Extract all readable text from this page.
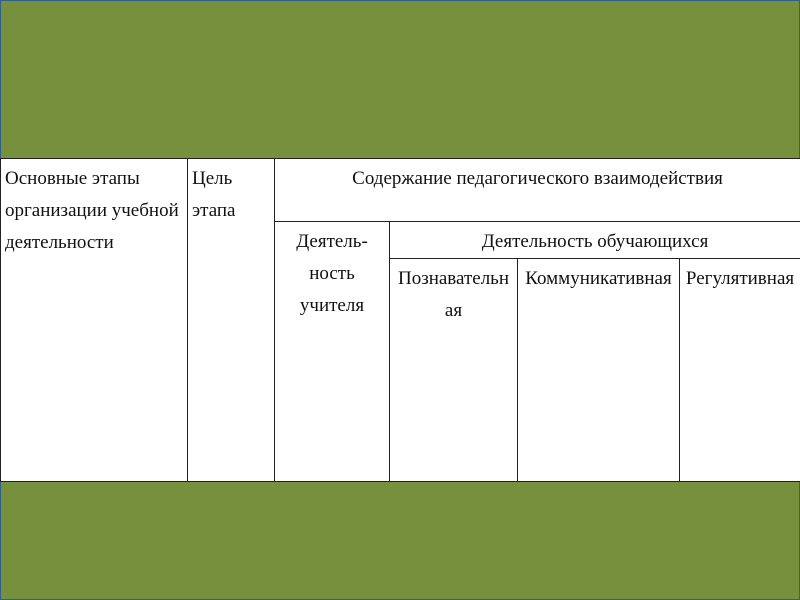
Основные этапы организации учебной деятельности	Цель этапа	Содержание педагогического взаимодействия			
		Деятель-ность учителя	Деятельность обучающихся		
			Познавательная	Коммуникативная	Регулятивная
